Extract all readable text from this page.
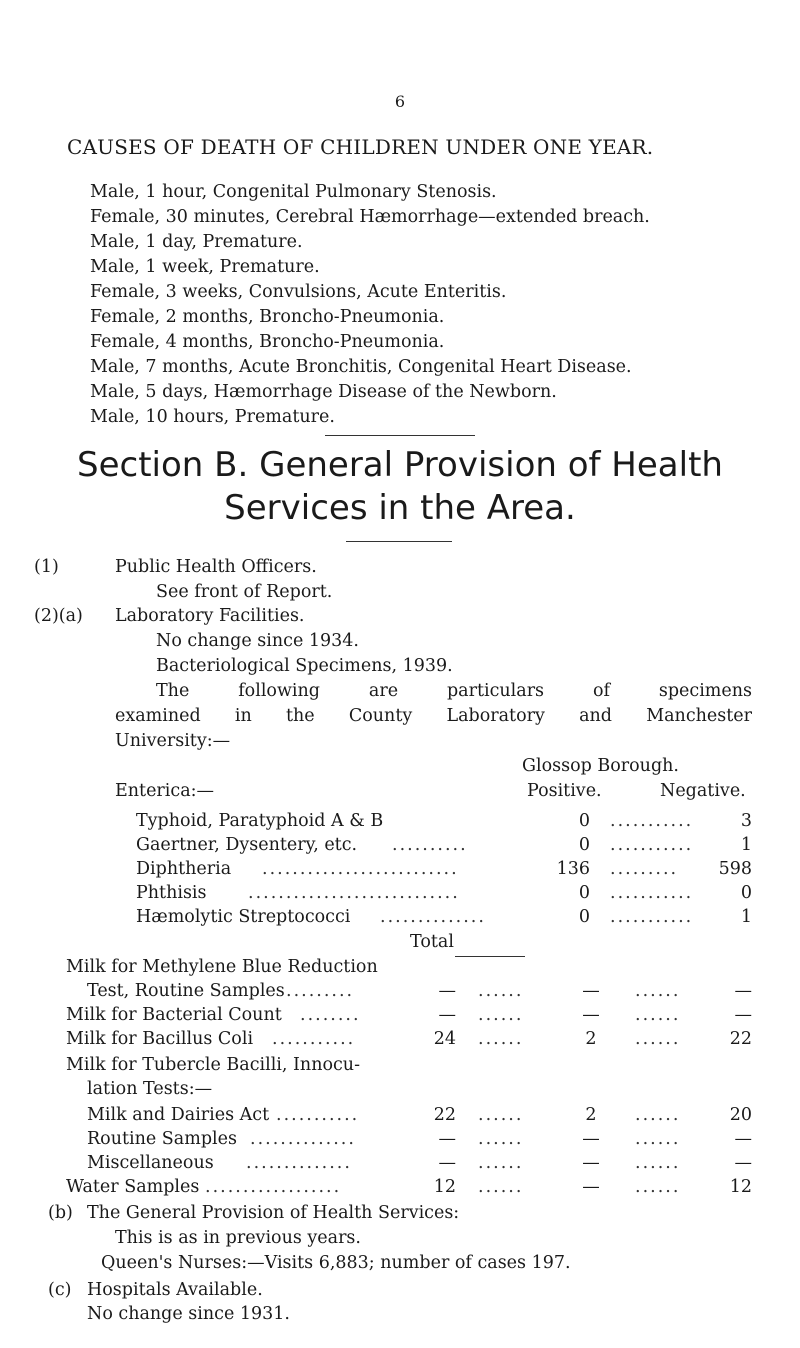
6
CAUSES OF DEATH OF CHILDREN UNDER ONE YEAR.
Male, 1 hour, Congenital Pulmonary Stenosis.
Female, 30 minutes, Cerebral Hæmorrhage—extended breach.
Male, 1 day, Premature.
Male, 1 week, Premature.
Female, 3 weeks, Convulsions, Acute Enteritis.
Female, 2 months, Broncho-Pneumonia.
Female, 4 months, Broncho-Pneumonia.
Male, 7 months, Acute Bronchitis, Congenital Heart Disease.
Male, 5 days, Hæmorrhage Disease of the Newborn.
Male, 10 hours, Premature.
Section B. General Provision of Health
Services in the Area.
(1)	Public Health Officers.
See front of Report.
(2)(a) Laboratory Facilities.
No change since 1934.
Bacteriological Specimens, 1939.
The following are particulars of specimens
examined in the County Laboratory and Manchester
University:—
Glossop Borough.
Enterica:—	Positive.	Negative.
Typhoid, Paratyphoid A & B	0 ...........	3
Gaertner, Dysentery, etc. ..........	0 ...........	1
Diphtheria ..........................	136 .........	598
Phthisis ............................	0 ...........	0
Hæmolytic Streptococci ..............	0 ...........	1
Total
Milk for Methylene Blue Reduction
Test, Routine Samples .........	— ......	—	......	—
Milk for Bacterial Count ........	— ......	—	......	—
Milk for Bacillus Coli ...........	24 ......	2	......	22
Milk for Tubercle Bacilli, Innocu-
lation Tests:—
Milk and Dairies Act ...........	22 ......	2	......	20
Routine Samples ..............	— ......	—	......	—
Miscellaneous ..............	— ......	—	......	—
Water Samples ..................	12 ......	—	......	12
(b) The General Provision of Health Services:
This is as in previous years.
Queen's Nurses:—Visits 6,883; number of cases 197.
(c) Hospitals Available.
No change since 1931.
